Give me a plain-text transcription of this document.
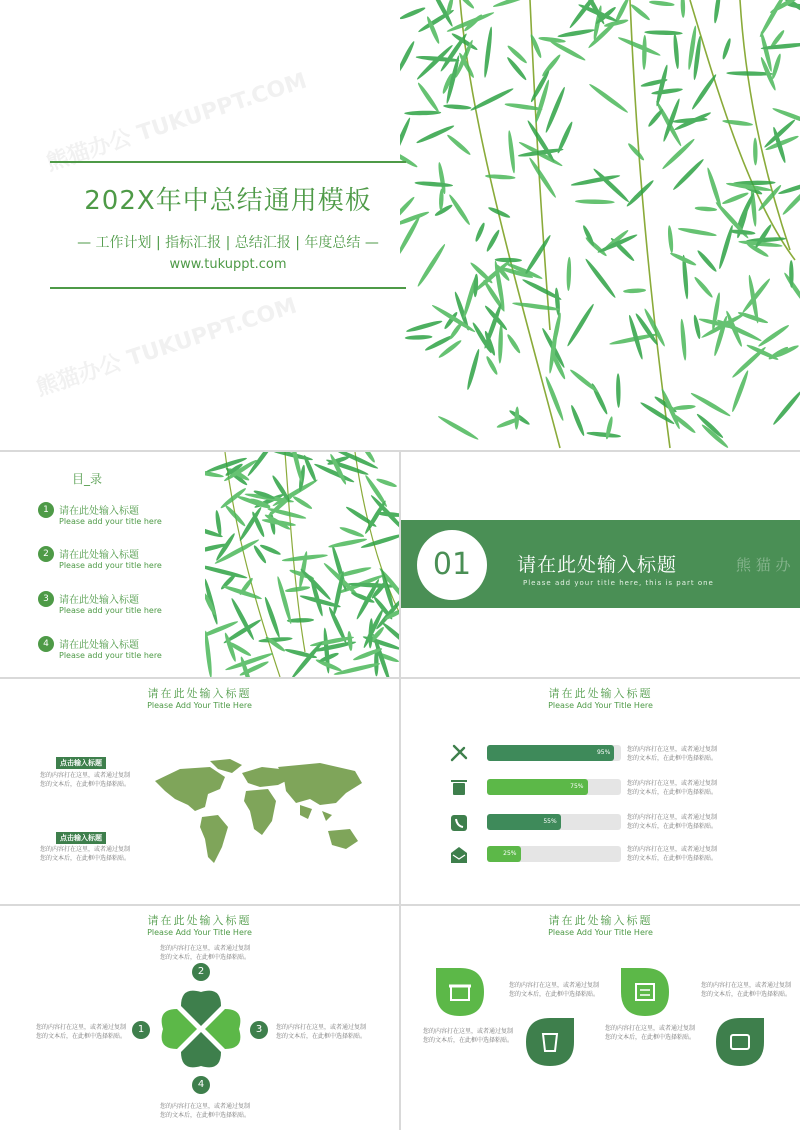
熊猫办公 TUKUPPT.COM
熊猫办公 TUKUPPT.COM
202X年中总结通用模板
— 工作计划 | 指标汇报 | 总结汇报 | 年度总结 —
www.tukuppt.com
目_录
1	请在此处输入标题
Please add your title here
2	请在此处输入标题
Please add your title here
3	请在此处输入标题
Please add your title here
4	请在此处输入标题
Please add your title here
01	请在此处输入标题
Please add your title here, this is part one
熊 猫 办
请在此处输入标题
Please Add Your Title Here
点击输入标题
您的内容打在这里，或者通过复制
您的文本后，在此框中选择粘贴。
点击输入标题
您的内容打在这里，或者通过复制
您的文本后，在此框中选择粘贴。
请在此处输入标题
Please Add Your Title Here
95%
75%
55%
25%
您的内容打在这里，或者通过复制
您的文本后，在此框中选择粘贴。
您的内容打在这里，或者通过复制
您的文本后，在此框中选择粘贴。
您的内容打在这里，或者通过复制
您的文本后，在此框中选择粘贴。
您的内容打在这里，或者通过复制
您的文本后，在此框中选择粘贴。
请在此处输入标题
Please Add Your Title Here
您的内容打在这里，或者通过复制
您的文本后，在此框中选择粘贴。
您的内容打在这里，或者通过复制
您的文本后，在此框中选择粘贴。
您的内容打在这里，或者通过复制
您的文本后，在此框中选择粘贴。
您的内容打在这里，或者通过复制
您的文本后，在此框中选择粘贴。
1
2
3
4
请在此处输入标题
Please Add Your Title Here
您的内容打在这里，或者通过复制
您的文本后，在此框中选择粘贴。
您的内容打在这里，或者通过复制
您的文本后，在此框中选择粘贴。
您的内容打在这里，或者通过复制
您的文本后，在此框中选择粘贴。
您的内容打在这里，或者通过复制
您的文本后，在此框中选择粘贴。
